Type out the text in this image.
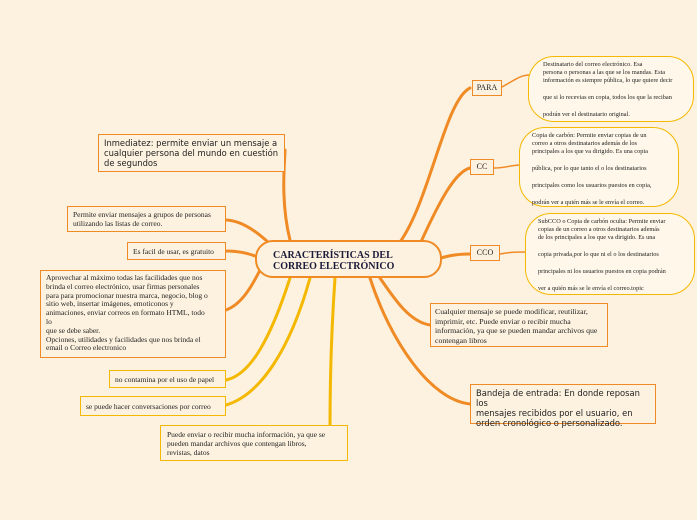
CARACTERÍSTICAS DEL
CORREO ELECTRÓNICO
PARA

Destinatario del correo electrónico. Esa

persona o personas a las que se los mandas. Esta

información es siempre pública, lo que quiere decir

que si lo recevias en copia, todos los que la reciban

podrán ver el destinatario original.

CC

Copia de carbón: Permite enviar copias de un

correo a otros destinatarios además de los

principales a los que va dirigido. Es una copia

pública, por lo que tanto el o los destinatarios

principales como los usuarios puestos en copia,

podrán ver a quién más se le envía el correo.

CCO

SubCCO o Copia de carbón oculta: Permite enviar

copias de un correo a otros destinatarios además

de los principales a los que va dirigido. Es una

copia privada,por lo que ni el o los destinatarios

principales ni los usuarios puestos en copia podrán

ver a quién más se le envía el correo.topic

Cualquier mensaje se puede modificar, reutilizar,
imprimir, etc. Puede enviar o recibir mucha
información, ya que se pueden mandar archivos que
contengan libros
Bandeja de entrada: En donde reposan los
mensajes recibidos por el usuario, en
orden cronológico o personalizado.
Inmediatez: permite enviar un mensaje a
cualquier persona del mundo en cuestión
de segundos
Permite enviar mensajes a grupos de personas
utilizando las listas de correo.
Es facil de usar, es gratuito
Aprovechar al máximo todas las facilidades que nos
brinda el correo electrónico, usar firmas personales
para para promocionar nuestra marca, negocio, blog o
sitio web, insertar imágenes, emoticonos y
animaciones, enviar correos en formato HTML, todo
lo
que se debe saber.
Opciones, utilidades y facilidades que nos brinda el
email o Correo electronico
no contamina por el uso de papel
se puede hacer conversaciones por correo
Puede enviar o recibir mucha información, ya que se
pueden mandar archivos que contengan libros,
revistas, datos
